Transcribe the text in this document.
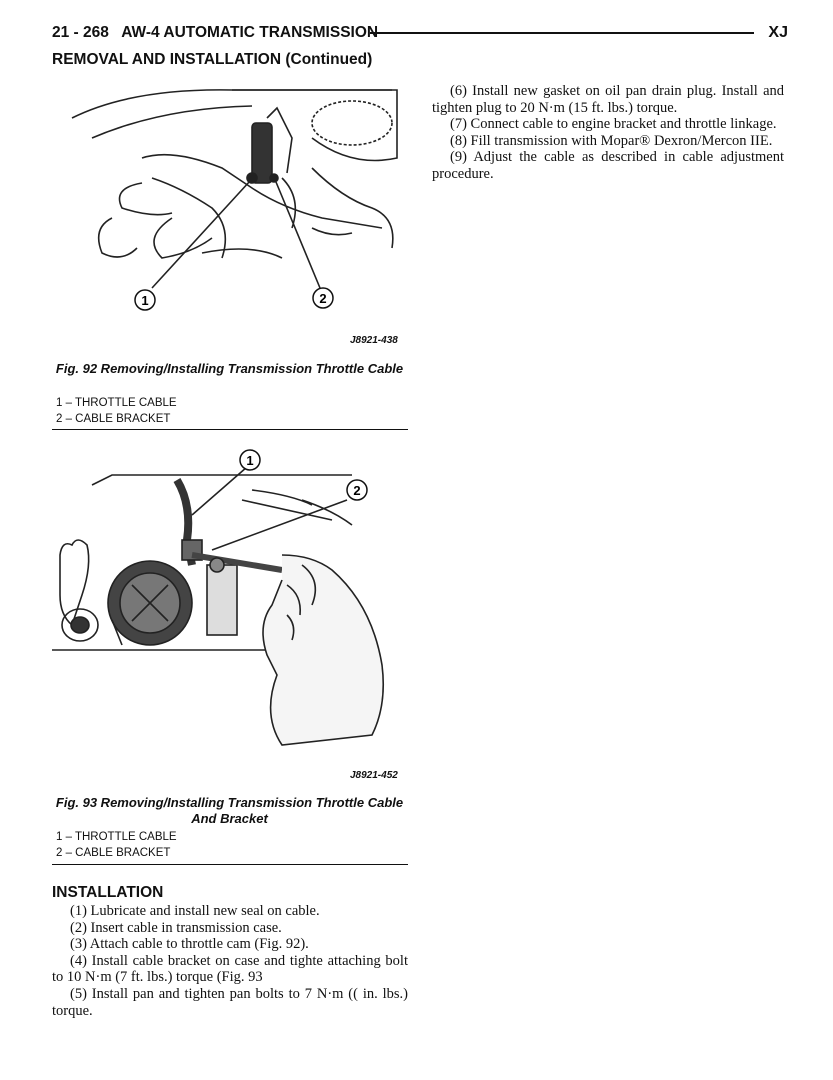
21 - 268   AW-4 AUTOMATIC TRANSMISSION	XJ
REMOVAL AND INSTALLATION (Continued)
1	2
J8921-438
Fig. 92 Removing/Installing Transmission Throttle Cable
1 – THROTTLE CABLE
2 – CABLE BRACKET
1
2
J8921-452
Fig. 93 Removing/Installing Transmission Throttle Cable And Bracket
1 – THROTTLE CABLE
2 – CABLE BRACKET
INSTALLATION

(1) Lubricate and install new seal on cable.

(2) Insert cable in transmission case.

(3) Attach cable to throttle cam (Fig. 92).

(4) Install cable bracket on case and tighte attaching bolt to 10 N·m (7 ft. lbs.) torque (Fig. 93

(5) Install pan and tighten pan bolts to 7 N·m (( in. lbs.) torque.

(6) Install new gasket on oil pan drain plug. Install and tighten plug to 20 N·m (15 ft. lbs.) torque.

(7) Connect cable to engine bracket and throttle linkage.

(8) Fill transmission with Mopar® Dexron/Mercon IIE.

(9) Adjust the cable as described in cable adjustment procedure.
